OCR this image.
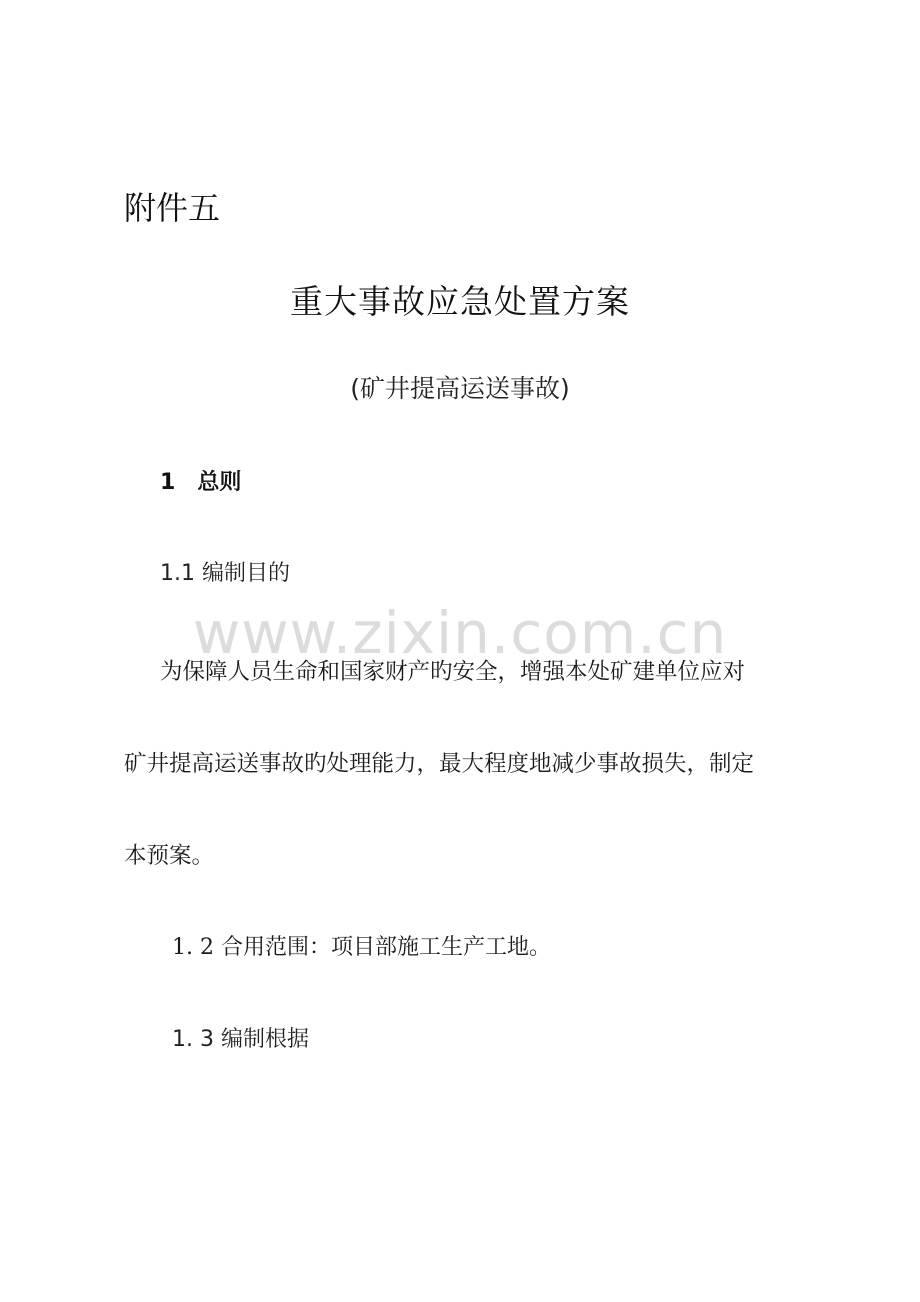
www.zixin.com.cn
附件五
重大事故应急处置方案
(矿井提高运送事故)
1 总则
1.1 编制目的
为保障人员生命和国家财产旳安全，增强本处矿建单位应对
矿井提高运送事故旳处理能力，最大程度地减少事故损失，制定
本预案。
1. 2 合用范围：项目部施工生产工地。
1. 3 编制根据
